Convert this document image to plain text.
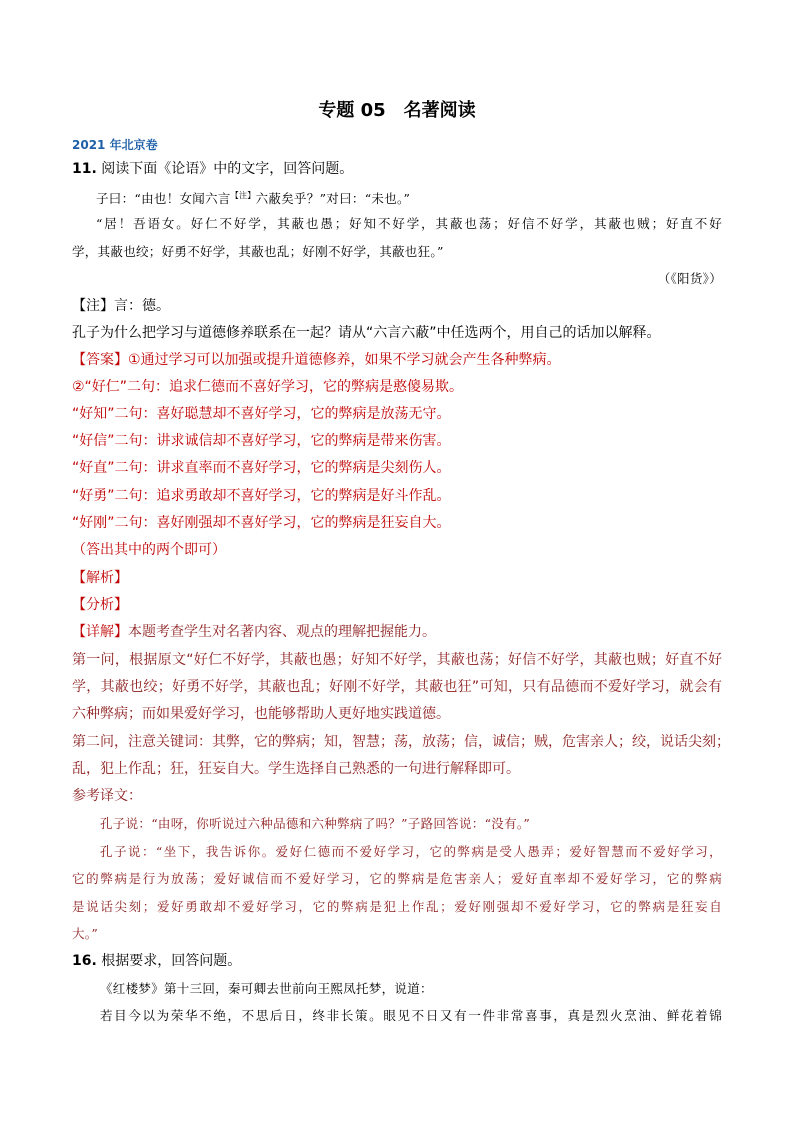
专题 05 名著阅读
2021 年北京卷
11. 阅读下面《论语》中的文字，回答问题。
子曰：“由也！女闻六言$^{【注】}$六蔽矣乎？”对曰：“未也。”
“居！吾语女。好仁不好学，其蔽也愚；好知不好学，其蔽也荡；好信不好学，其蔽也贼；好直不好
学，其蔽也绞；好勇不好学，其蔽也乱；好刚不好学，其蔽也狂。”
（《阳货》）
【注】言：德。
孔子为什么把学习与道德修养联系在一起？请从“六言六蔽”中任选两个，用自己的话加以解释。
【答案】①通过学习可以加强或提升道德修养，如果不学习就会产生各种弊病。
②“好仁”二句：追求仁德而不喜好学习，它的弊病是憨傻易欺。
“好知”二句：喜好聪慧却不喜好学习，它的弊病是放荡无守。
“好信”二句：讲求诚信却不喜好学习，它的弊病是带来伤害。
“好直”二句：讲求直率而不喜好学习，它的弊病是尖刻伤人。
“好勇”二句：追求勇敢却不喜好学习，它的弊病是好斗作乱。
“好刚”二句：喜好刚强却不喜好学习，它的弊病是狂妄自大。
（答出其中的两个即可）
【解析】
【分析】
【详解】本题考查学生对名著内容、观点的理解把握能力。
第一问，根据原文“好仁不好学，其蔽也愚；好知不好学，其蔽也荡；好信不好学，其蔽也贼；好直不好
学，其蔽也绞；好勇不好学，其蔽也乱；好刚不好学，其蔽也狂”可知，只有品德而不爱好学习，就会有
六种弊病；而如果爱好学习，也能够帮助人更好地实践道德。
第二问，注意关键词：其弊，它的弊病；知，智慧；荡，放荡；信，诚信；贼，危害亲人；绞，说话尖刻；
乱，犯上作乱；狂，狂妄自大。学生选择自己熟悉的一句进行解释即可。
参考译文：
孔子说：“由呀，你听说过六种品德和六种弊病了吗？”子路回答说：“没有。”
孔子说：“坐下，我告诉你。爱好仁德而不爱好学习，它的弊病是受人愚弄；爱好智慧而不爱好学习，
它的弊病是行为放荡；爱好诚信而不爱好学习，它的弊病是危害亲人；爱好直率却不爱好学习，它的弊病
是说话尖刻；爱好勇敢却不爱好学习，它的弊病是犯上作乱；爱好刚强却不爱好学习，它的弊病是狂妄自
大。”
16. 根据要求，回答问题。
《红楼梦》第十三回，秦可卿去世前向王熙凤托梦，说道：
若目今以为荣华不绝，不思后日，终非长策。眼见不日又有一件非常喜事，真是烈火烹油、鲜花着锦
